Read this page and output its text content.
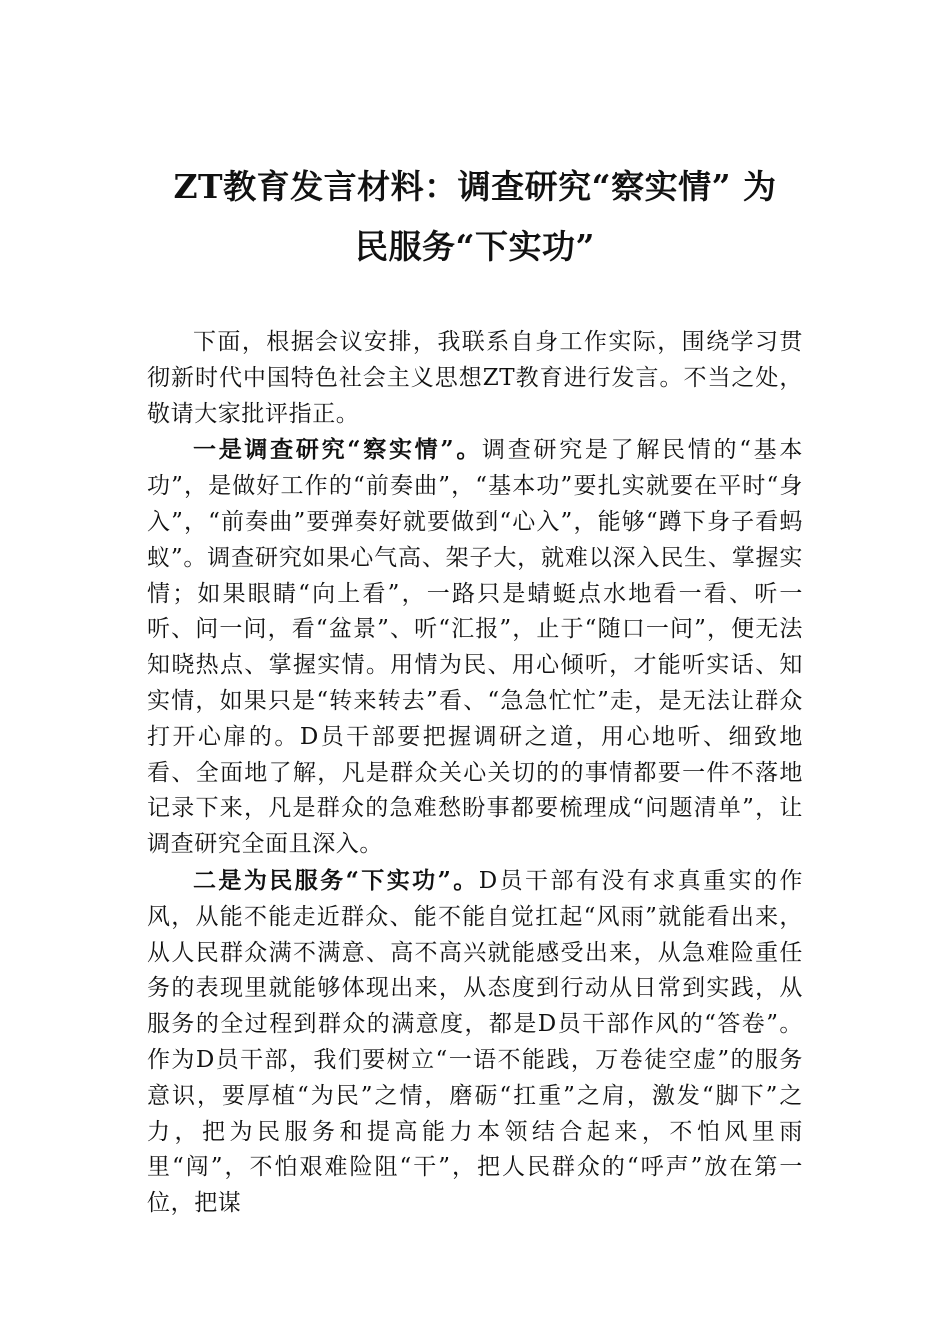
ZT教育发言材料：调查研究“察实情” 为
民服务“下实功”

下面，根据会议安排，我联系自身工作实际，围绕学习贯彻新时代中国特色社会主义思想ZT教育进行发言。不当之处，敬请大家批评指正。

一是调查研究“察实情”。调查研究是了解民情的“基本功”，是做好工作的“前奏曲”，“基本功”要扎实就要在平时“身入”，“前奏曲”要弹奏好就要做到“心入”，能够“蹲下身子看蚂蚁”。调查研究如果心气高、架子大，就难以深入民生、掌握实情；如果眼睛“向上看”，一路只是蜻蜓点水地看一看、听一听、问一问，看“盆景”、听“汇报”，止于“随口一问”，便无法知晓热点、掌握实情。用情为民、用心倾听，才能听实话、知实情，如果只是“转来转去”看、“急急忙忙”走，是无法让群众打开心扉的。D员干部要把握调研之道，用心地听、细致地看、全面地了解，凡是群众关心关切的的事情都要一件不落地记录下来，凡是群众的急难愁盼事都要梳理成“问题清单”，让调查研究全面且深入。

二是为民服务“下实功”。D员干部有没有求真重实的作风，从能不能走近群众、能不能自觉扛起“风雨”就能看出来，从人民群众满不满意、高不高兴就能感受出来，从急难险重任务的表现里就能够体现出来，从态度到行动从日常到实践，从服务的全过程到群众的满意度，都是D员干部作风的“答卷”。作为D员干部，我们要树立“一语不能践，万卷徒空虚”的服务意识，要厚植“为民”之情，磨砺“扛重”之肩，激发“脚下”之力，把为民服务和提高能力本领结合起来，不怕风里雨里“闯”，不怕艰难险阻“干”，把人民群众的“呼声”放在第一位，把谋
